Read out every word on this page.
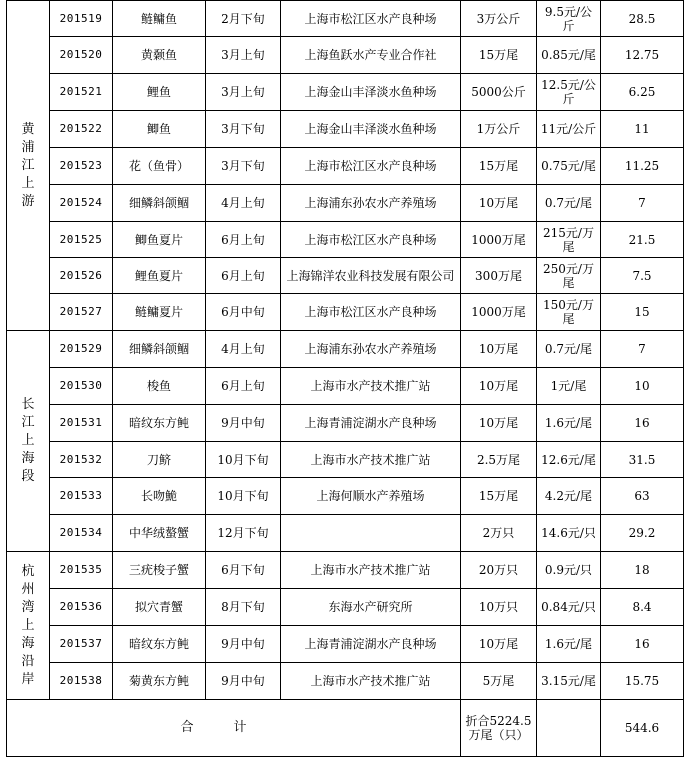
黄浦江上游	201519	鲢鳙鱼	2月下旬	上海市松江区水产良种场	3万公斤	9.5元/公斤	28.5
	201520	黄颡鱼	3月上旬	上海鱼跃水产专业合作社	15万尾	0.85元/尾	12.75
	201521	鲤鱼	3月上旬	上海金山丰泽淡水鱼种场	5000公斤	12.5元/公斤	6.25
	201522	鲫鱼	3月下旬	上海金山丰泽淡水鱼种场	1万公斤	11元/公斤	11
	201523	花（鱼骨）	3月下旬	上海市松江区水产良种场	15万尾	0.75元/尾	11.25
	201524	细鳞斜颌鲴	4月上旬	上海浦东孙农水产养殖场	10万尾	0.7元/尾	7
	201525	鲫鱼夏片	6月上旬	上海市松江区水产良种场	1000万尾	215元/万尾	21.5
	201526	鲤鱼夏片	6月上旬	上海锦洋农业科技发展有限公司	300万尾	250元/万尾	7.5
	201527	鲢鳙夏片	6月中旬	上海市松江区水产良种场	1000万尾	150元/万尾	15
长江上海段	201529	细鳞斜颌鲴	4月上旬	上海浦东孙农水产养殖场	10万尾	0.7元/尾	7
	201530	梭鱼	6月上旬	上海市水产技术推广站	10万尾	1元/尾	10
	201531	暗纹东方鲀	9月中旬	上海青浦淀湖水产良种场	10万尾	1.6元/尾	16
	201532	刀鲚	10月下旬	上海市水产技术推广站	2.5万尾	12.6元/尾	31.5
	201533	长吻鮠	10月下旬	上海何顺水产养殖场	15万尾	4.2元/尾	63
	201534	中华绒螯蟹	12月下旬		2万只	14.6元/只	29.2
杭州湾上海沿岸	201535	三疣梭子蟹	6月下旬	上海市水产技术推广站	20万只	0.9元/只	18
	201536	拟穴青蟹	8月下旬	东海水产研究所	10万只	0.84元/只	8.4
	201537	暗纹东方鲀	9月中旬	上海青浦淀湖水产良种场	10万尾	1.6元/尾	16
	201538	菊黄东方鲀	9月中旬	上海市水产技术推广站	5万尾	3.15元/尾	15.75
合计					折合5224.5万尾（只）		544.6
